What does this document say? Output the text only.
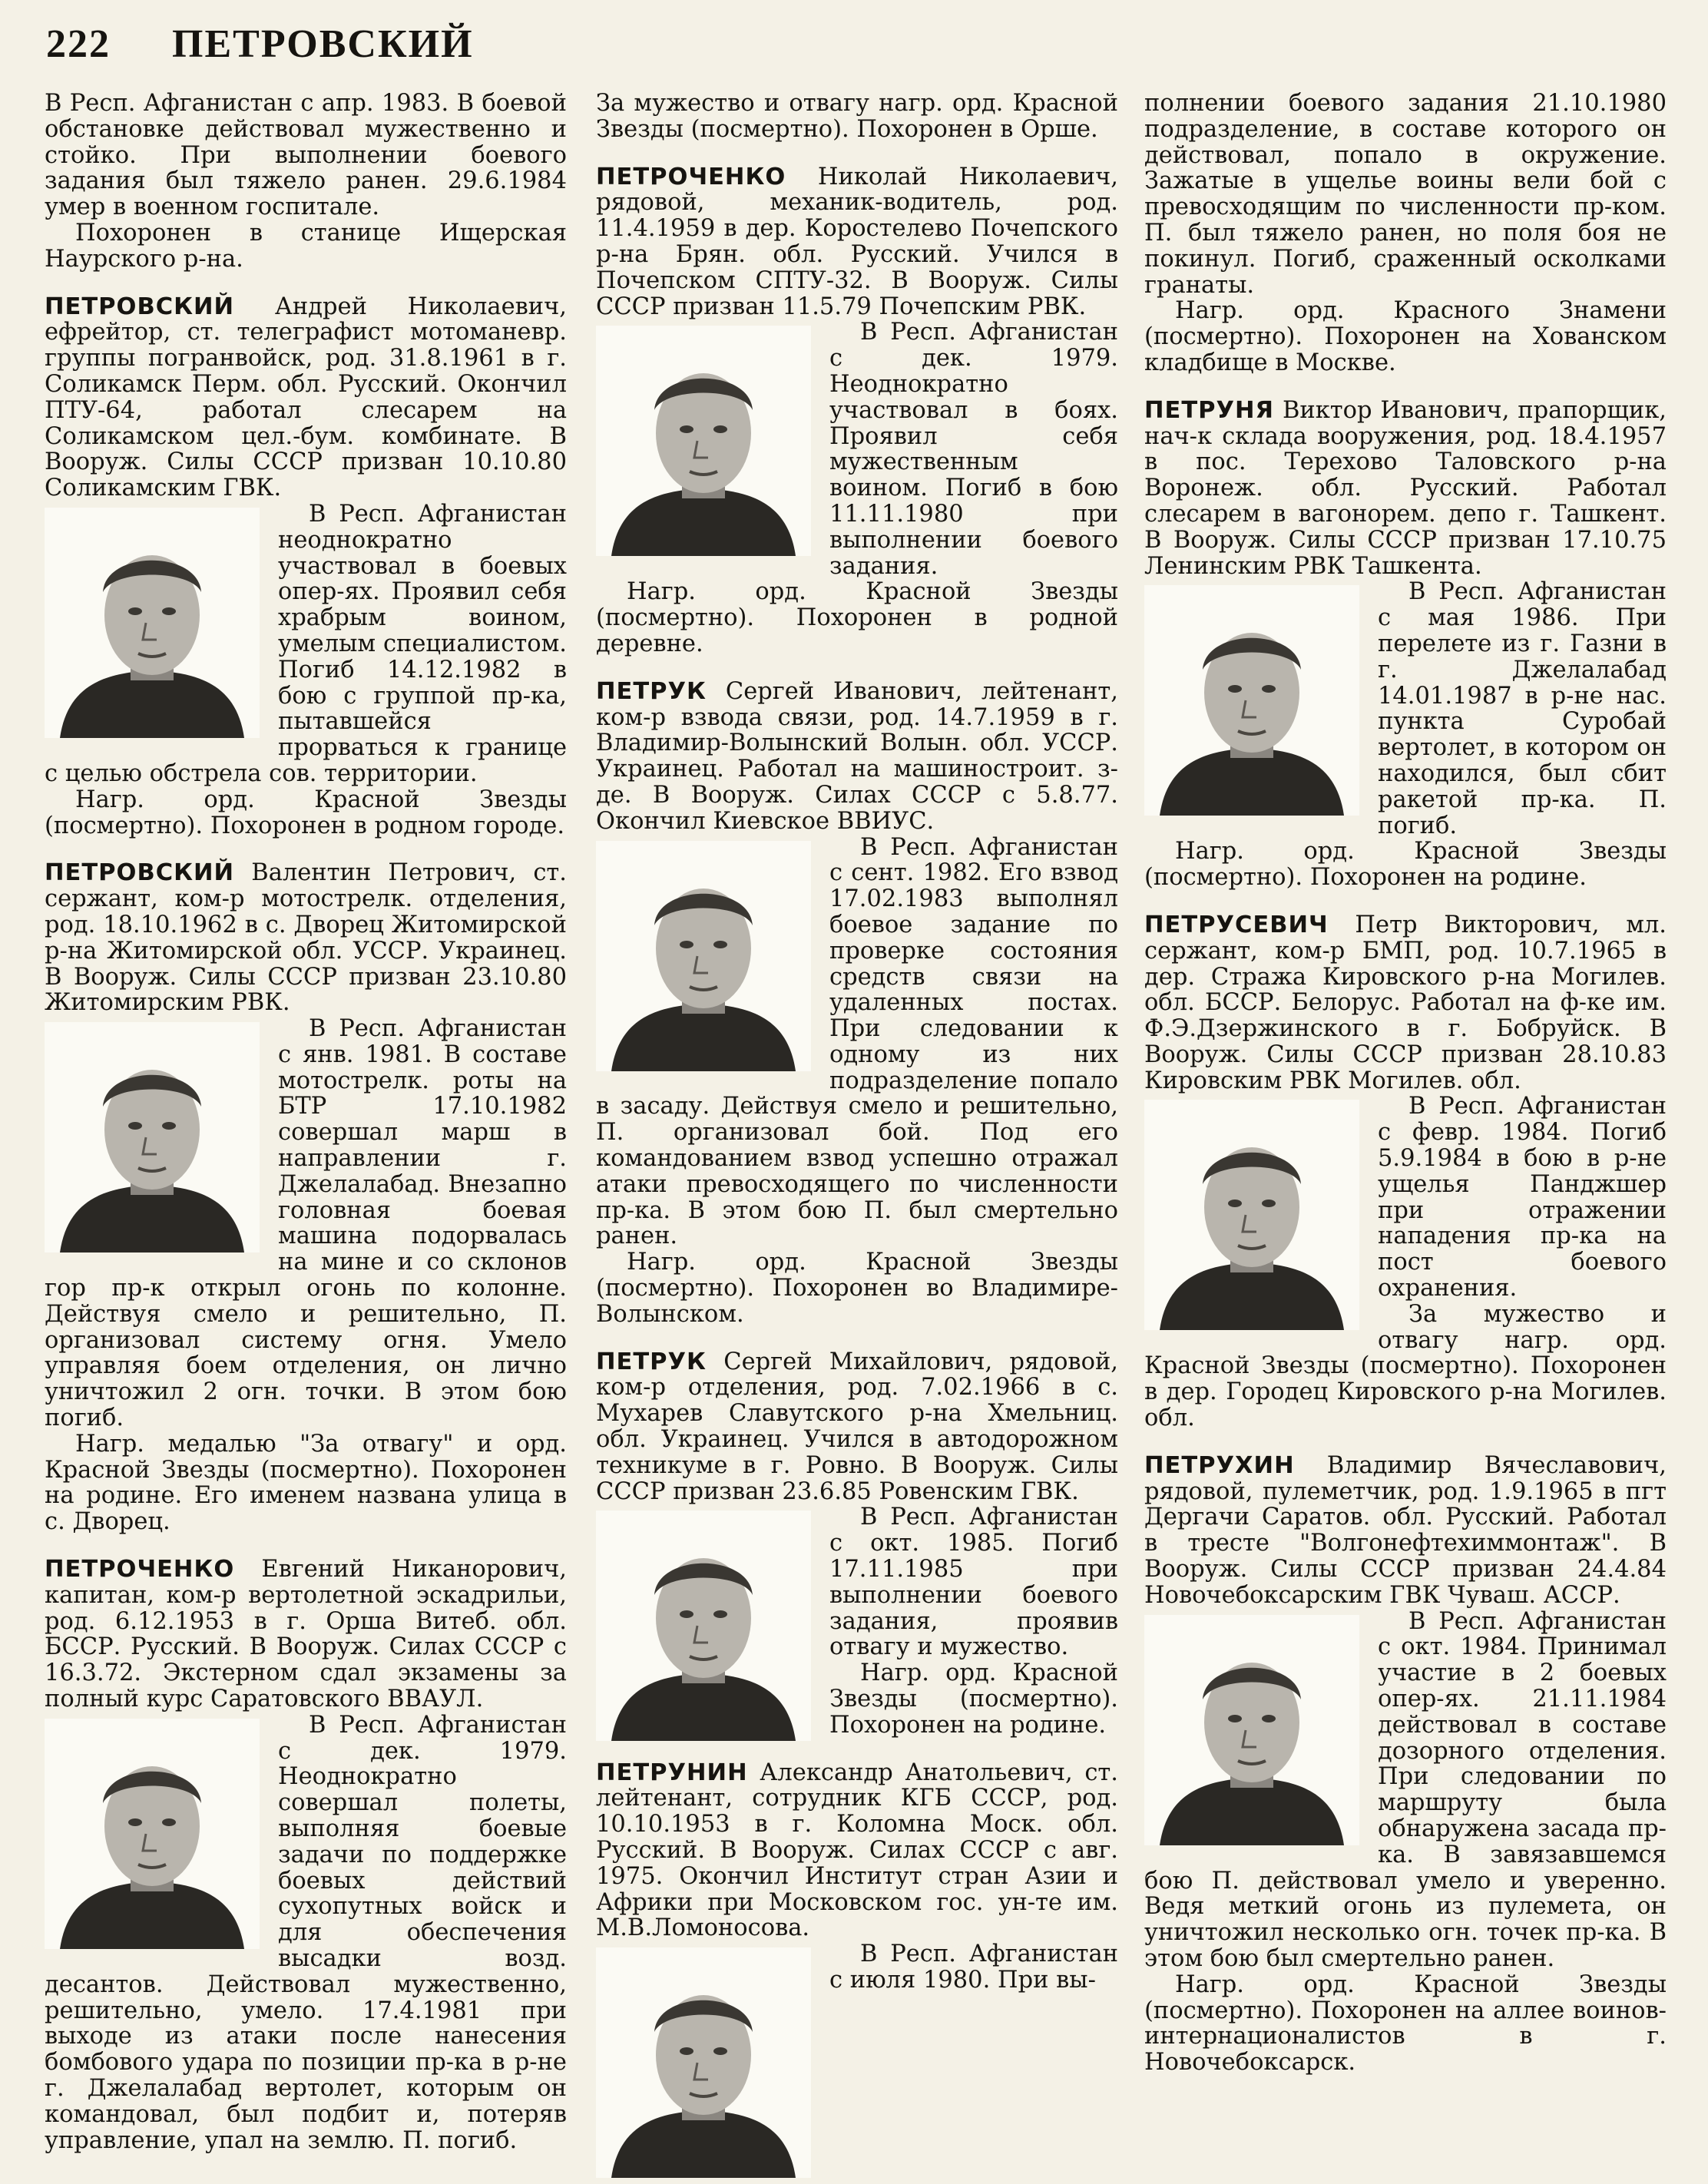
222 ПЕТРОВСКИЙ

В Респ. Афганистан с апр. 1983. В боевой обстановке действовал мужественно и стойко. При выполнении боевого задания был тяжело ранен. 29.6.1984 умер в военном госпитале.

Похоронен в станице Ищерская Наурского р-на.

ПЕТРОВСКИЙ Андрей Николаевич, ефрейтор, ст. телеграфист мотоманевр. группы погранвойск, род. 31.8.1961 в г. Соликамск Перм. обл. Русский. Окончил ПТУ-64, работал слесарем на Соликамском цел.-бум. комбинате. В Вооруж. Силы СССР призван 10.10.80 Соликамским ГВК.

В Респ. Афганистан неоднократно участвовал в боевых опер-ях. Проявил себя храбрым воином, умелым специалистом. Погиб 14.12.1982 в бою с группой пр-ка, пытавшейся прорваться к границе с целью обстрела сов. территории.

Нагр. орд. Красной Звезды (посмертно). Похоронен в родном городе.

ПЕТРОВСКИЙ Валентин Петрович, ст. сержант, ком-р мотострелк. отделения, род. 18.10.1962 в с. Дворец Житомирской р-на Житомирской обл. УССР. Украинец. В Вооруж. Силы СССР призван 23.10.80 Житомирским РВК.

В Респ. Афганистан с янв. 1981. В составе мотострелк. роты на БТР 17.10.1982 совершал марш в направлении г. Джелалабад. Внезапно головная боевая машина подорвалась на мине и со склонов гор пр-к открыл огонь по колонне. Действуя смело и решительно, П. организовал систему огня. Умело управляя боем отделения, он лично уничтожил 2 огн. точки. В этом бою погиб.

Нагр. медалью "За отвагу" и орд. Красной Звезды (посмертно). Похоронен на родине. Его именем названа улица в с. Дворец.

ПЕТРОЧЕНКО Евгений Никанорович, капитан, ком-р вертолетной эскадрильи, род. 6.12.1953 в г. Орша Витеб. обл. БССР. Русский. В Вооруж. Силах СССР с 16.3.72. Экстерном сдал экзамены за полный курс Саратовского ВВАУЛ.

В Респ. Афганистан с дек. 1979. Неоднократно совершал полеты, выполняя боевые задачи по поддержке боевых действий сухопутных войск и для обеспечения высадки возд. десантов. Действовал мужественно, решительно, умело. 17.4.1981 при выходе из атаки после нанесения бомбового удара по позиции пр-ка в р-не г. Джелалабад вертолет, которым он командовал, был подбит и, потеряв управление, упал на землю. П. погиб.

За мужество и отвагу нагр. орд. Красной Звезды (посмертно). Похоронен в Орше.

ПЕТРОЧЕНКО Николай Николаевич, рядовой, механик-водитель, род. 11.4.1959 в дер. Коростелево Почепского р-на Брян. обл. Русский. Учился в Почепском СПТУ-32. В Вооруж. Силы СССР призван 11.5.79 Почепским РВК.

В Респ. Афганистан с дек. 1979. Неоднократно участвовал в боях. Проявил себя мужественным воином. Погиб в бою 11.11.1980 при выполнении боевого задания.

Нагр. орд. Красной Звезды (посмертно). Похоронен в родной деревне.

ПЕТРУК Сергей Иванович, лейтенант, ком-р взвода связи, род. 14.7.1959 в г. Владимир-Волынский Волын. обл. УССР. Украинец. Работал на машиностроит. з-де. В Вооруж. Силах СССР с 5.8.77. Окончил Киевское ВВИУС.

В Респ. Афганистан с сент. 1982. Его взвод 17.02.1983 выполнял боевое задание по проверке состояния средств связи на удаленных постах. При следовании к одному из них подразделение попало в засаду. Действуя смело и решительно, П. организовал бой. Под его командованием взвод успешно отражал атаки превосходящего по численности пр-ка. В этом бою П. был смертельно ранен.

Нагр. орд. Красной Звезды (посмертно). Похоронен во Владимире-Волынском.

ПЕТРУК Сергей Михайлович, рядовой, ком-р отделения, род. 7.02.1966 в с. Мухарев Славутского р-на Хмельниц. обл. Украинец. Учился в автодорожном техникуме в г. Ровно. В Вооруж. Силы СССР призван 23.6.85 Ровенским ГВК.

В Респ. Афганистан с окт. 1985. Погиб 17.11.1985 при выполнении боевого задания, проявив отвагу и мужество.

Нагр. орд. Красной Звезды (посмертно). Похоронен на родине.

ПЕТРУНИН Александр Анатольевич, ст. лейтенант, сотрудник КГБ СССР, род. 10.10.1953 в г. Коломна Моск. обл. Русский. В Вооруж. Силах СССР с авг. 1975. Окончил Институт стран Азии и Африки при Московском гос. ун-те им. М.В.Ломоносова.

В Респ. Афганистан с июля 1980. При вы-

полнении боевого задания 21.10.1980 подразделение, в составе которого он действовал, попало в окружение. Зажатые в ущелье воины вели бой с превосходящим по численности пр-ком. П. был тяжело ранен, но поля боя не покинул. Погиб, сраженный осколками гранаты.

Нагр. орд. Красного Знамени (посмертно). Похоронен на Хованском кладбище в Москве.

ПЕТРУНЯ Виктор Иванович, прапорщик, нач-к склада вооружения, род. 18.4.1957 в пос. Терехово Таловского р-на Воронеж. обл. Русский. Работал слесарем в вагонорем. депо г. Ташкент. В Вооруж. Силы СССР призван 17.10.75 Ленинским РВК Ташкента.

В Респ. Афганистан с мая 1986. При перелете из г. Газни в г. Джелалабад 14.01.1987 в р-не нас. пункта Суробай вертолет, в котором он находился, был сбит ракетой пр-ка. П. погиб.

Нагр. орд. Красной Звезды (посмертно). Похоронен на родине.

ПЕТРУСЕВИЧ Петр Викторович, мл. сержант, ком-р БМП, род. 10.7.1965 в дер. Стража Кировского р-на Могилев. обл. БССР. Белорус. Работал на ф-ке им. Ф.Э.Дзержинского в г. Бобруйск. В Вооруж. Силы СССР призван 28.10.83 Кировским РВК Могилев. обл.

В Респ. Афганистан с февр. 1984. Погиб 5.9.1984 в бою в р-не ущелья Панджшер при отражении нападения пр-ка на пост боевого охранения.

За мужество и отвагу нагр. орд. Красной Звезды (посмертно). Похоронен в дер. Городец Кировского р-на Могилев. обл.

ПЕТРУХИН Владимир Вячеславович, рядовой, пулеметчик, род. 1.9.1965 в пгт Дергачи Саратов. обл. Русский. Работал в тресте "Волгонефтехиммонтаж". В Вооруж. Силы СССР призван 24.4.84 Новочебоксарским ГВК Чуваш. АССР.

В Респ. Афганистан с окт. 1984. Принимал участие в 2 боевых опер-ях. 21.11.1984 действовал в составе дозорного отделения. При следовании по маршруту была обнаружена засада пр-ка. В завязавшемся бою П. действовал умело и уверенно. Ведя меткий огонь из пулемета, он уничтожил несколько огн. точек пр-ка. В этом бою был смертельно ранен.

Нагр. орд. Красной Звезды (посмертно). Похоронен на аллее воинов-интернационалистов в г. Новочебоксарск.
